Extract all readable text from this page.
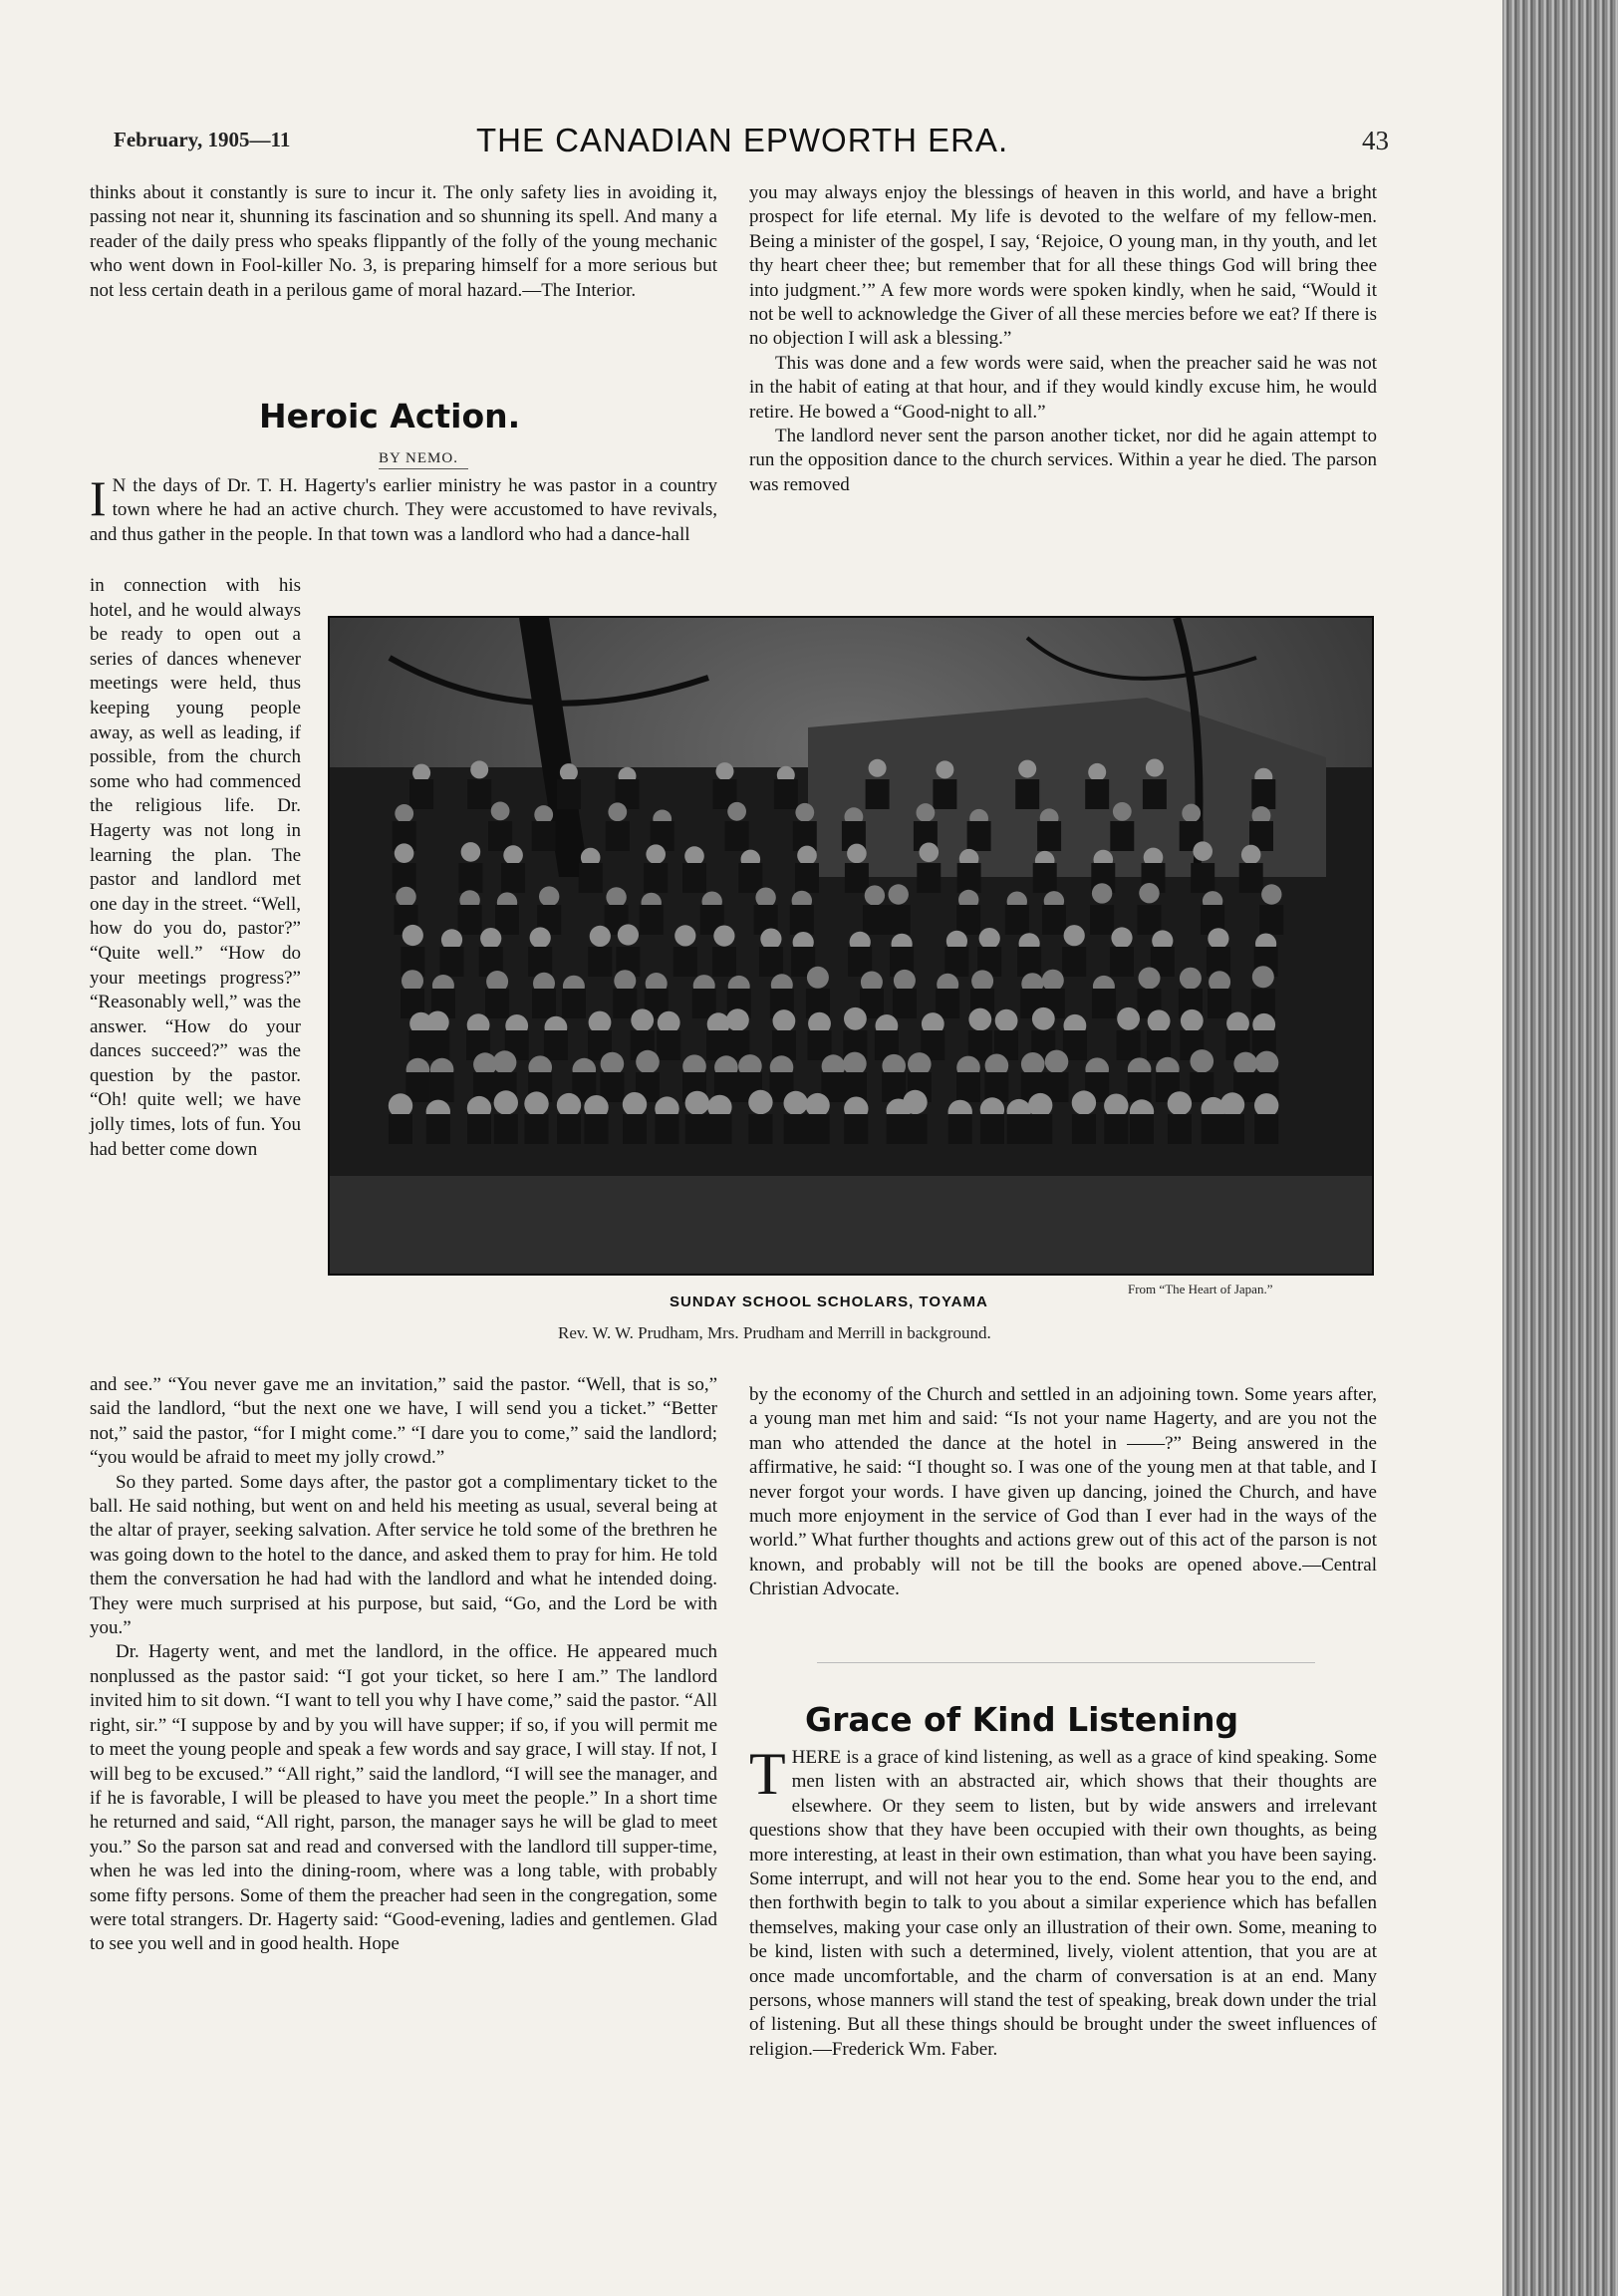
February, 1905—11	THE CANADIAN EPWORTH ERA.	43

thinks about it constantly is sure to incur it. The only safety lies in avoiding it, passing not near it, shunning its fascination and so shunning its spell. And many a reader of the daily press who speaks flippantly of the folly of the young mechanic who went down in Fool-killer No. 3, is preparing himself for a more serious but not less certain death in a perilous game of moral hazard.—The Interior.

Heroic Action.
BY NEMO.

I N the days of Dr. T. H. Hagerty's earlier ministry he was pastor in a country town where he had an active church. They were accustomed to have revivals, and thus gather in the people. In that town was a landlord who had a dance-hall

in connection with his hotel, and he would always be ready to open out a series of dances whenever meetings were held, thus keeping young people away, as well as leading, if possible, from the church some who had commenced the religious life. Dr. Hagerty was not long in learning the plan. The pastor and landlord met one day in the street. “Well, how do you do, pastor?” “Quite well.” “How do your meetings progress?” “Reasonably well,” was the answer. “How do your dances succeed?” was the question by the pastor. “Oh! quite well; we have jolly times, lots of fun. You had better come down

and see.” “You never gave me an invitation,” said the pastor. “Well, that is so,” said the landlord, “but the next one we have, I will send you a ticket.” “Better not,” said the pastor, “for I might come.” “I dare you to come,” said the landlord; “you would be afraid to meet my jolly crowd.”

So they parted. Some days after, the pastor got a complimentary ticket to the ball. He said nothing, but went on and held his meeting as usual, several being at the altar of prayer, seeking salvation. After service he told some of the brethren he was going down to the hotel to the dance, and asked them to pray for him. He told them the conversation he had had with the landlord and what he intended doing. They were much surprised at his purpose, but said, “Go, and the Lord be with you.”

Dr. Hagerty went, and met the landlord, in the office. He appeared much nonplussed as the pastor said: “I got your ticket, so here I am.” The landlord invited him to sit down. “I want to tell you why I have come,” said the pastor. “All right, sir.” “I suppose by and by you will have supper; if so, if you will permit me to meet the young people and speak a few words and say grace, I will stay. If not, I will beg to be excused.” “All right,” said the landlord, “I will see the manager, and if he is favorable, I will be pleased to have you meet the people.” In a short time he returned and said, “All right, parson, the manager says he will be glad to meet you.” So the parson sat and read and conversed with the landlord till supper-time, when he was led into the dining-room, where was a long table, with probably some fifty persons. Some of them the preacher had seen in the congregation, some were total strangers. Dr. Hagerty said: “Good-evening, ladies and gentlemen. Glad to see you well and in good health. Hope

you may always enjoy the blessings of heaven in this world, and have a bright prospect for life eternal. My life is devoted to the welfare of my fellow-men. Being a minister of the gospel, I say, ‘Rejoice, O young man, in thy youth, and let thy heart cheer thee; but remember that for all these things God will bring thee into judgment.’” A few more words were spoken kindly, when he said, “Would it not be well to acknowledge the Giver of all these mercies before we eat? If there is no objection I will ask a blessing.”

This was done and a few words were said, when the preacher said he was not in the habit of eating at that hour, and if they would kindly excuse him, he would retire. He bowed a “Good-night to all.”

The landlord never sent the parson another ticket, nor did he again attempt to run the opposition dance to the church services. Within a year he died. The parson was removed

From “The Heart of Japan.”
SUNDAY SCHOOL SCHOLARS, TOYAMA
Rev. W. W. Prudham, Mrs. Prudham and Merrill in background.

by the economy of the Church and settled in an adjoining town. Some years after, a young man met him and said: “Is not your name Hagerty, and are you not the man who attended the dance at the hotel in ——?” Being answered in the affirmative, he said: “I thought so. I was one of the young men at that table, and I never forgot your words. I have given up dancing, joined the Church, and have much more enjoyment in the service of God than I ever had in the ways of the world.” What further thoughts and actions grew out of this act of the parson is not known, and probably will not be till the books are opened above.—Central Christian Advocate.

Grace of Kind Listening

THERE is a grace of kind listening, as well as a grace of kind speaking. Some men listen with an abstracted air, which shows that their thoughts are elsewhere. Or they seem to listen, but by wide answers and irrelevant questions show that they have been occupied with their own thoughts, as being more interesting, at least in their own estimation, than what you have been saying. Some interrupt, and will not hear you to the end. Some hear you to the end, and then forthwith begin to talk to you about a similar experience which has befallen themselves, making your case only an illustration of their own. Some, meaning to be kind, listen with such a determined, lively, violent attention, that you are at once made uncomfortable, and the charm of conversation is at an end. Many persons, whose manners will stand the test of speaking, break down under the trial of listening. But all these things should be brought under the sweet influences of religion.—Frederick Wm. Faber.
